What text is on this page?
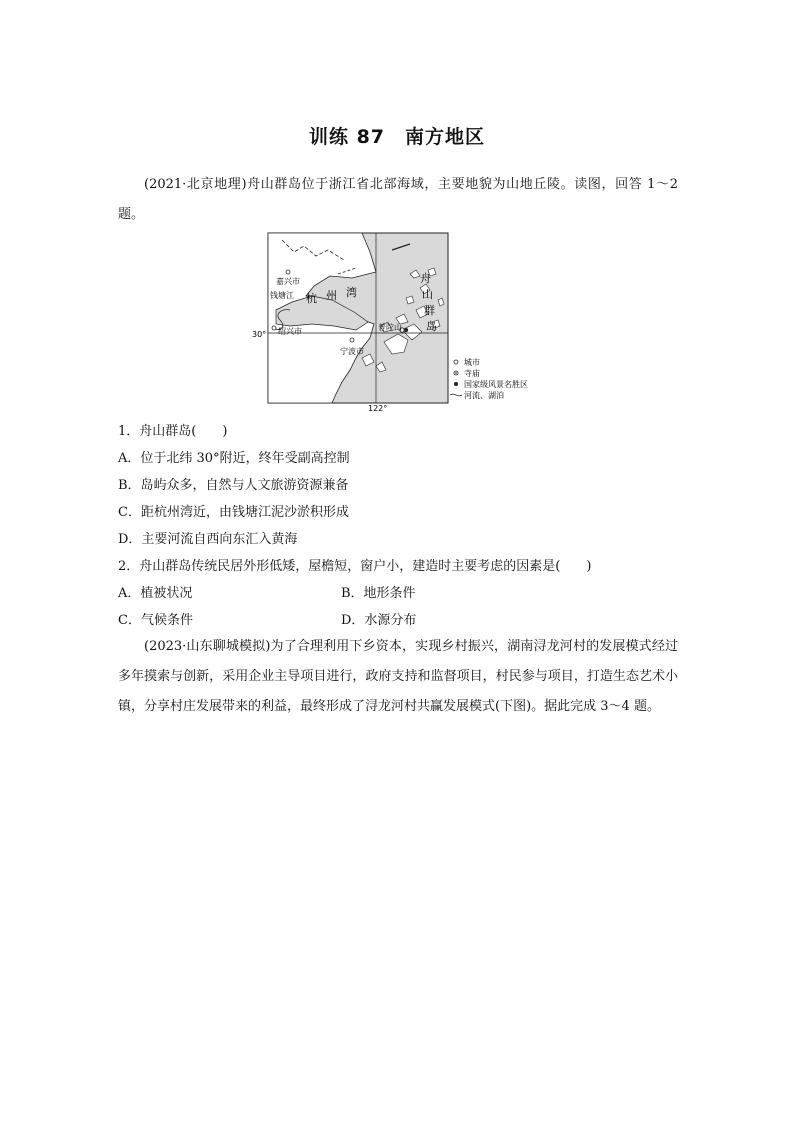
训练 87　南方地区
(2021·北京地理)舟山群岛位于浙江省北部海域，主要地貌为山地丘陵。读图，回答 1～2 题。
嘉兴市
钱塘江 杭 州 湾
绍兴市
宁波市
普陀山
舟
山
群
岛
30°
122°
城市
寺庙
国家级风景名胜区
河流、湖泊
1．舟山群岛(　　)
A．位于北纬 30°附近，终年受副高控制
B．岛屿众多，自然与人文旅游资源兼备
C．距杭州湾近，由钱塘江泥沙淤积形成
D．主要河流自西向东汇入黄海
2．舟山群岛传统民居外形低矮，屋檐短，窗户小，建造时主要考虑的因素是(　　)
A．植被状况	B．地形条件
C．气候条件	D．水源分布
(2023·山东聊城模拟)为了合理利用下乡资本，实现乡村振兴，湖南浔龙河村的发展模式经过多年摸索与创新，采用企业主导项目进行，政府支持和监督项目，村民参与项目，打造生态艺术小镇，分享村庄发展带来的利益，最终形成了浔龙河村共赢发展模式(下图)。据此完成 3～4 题。
